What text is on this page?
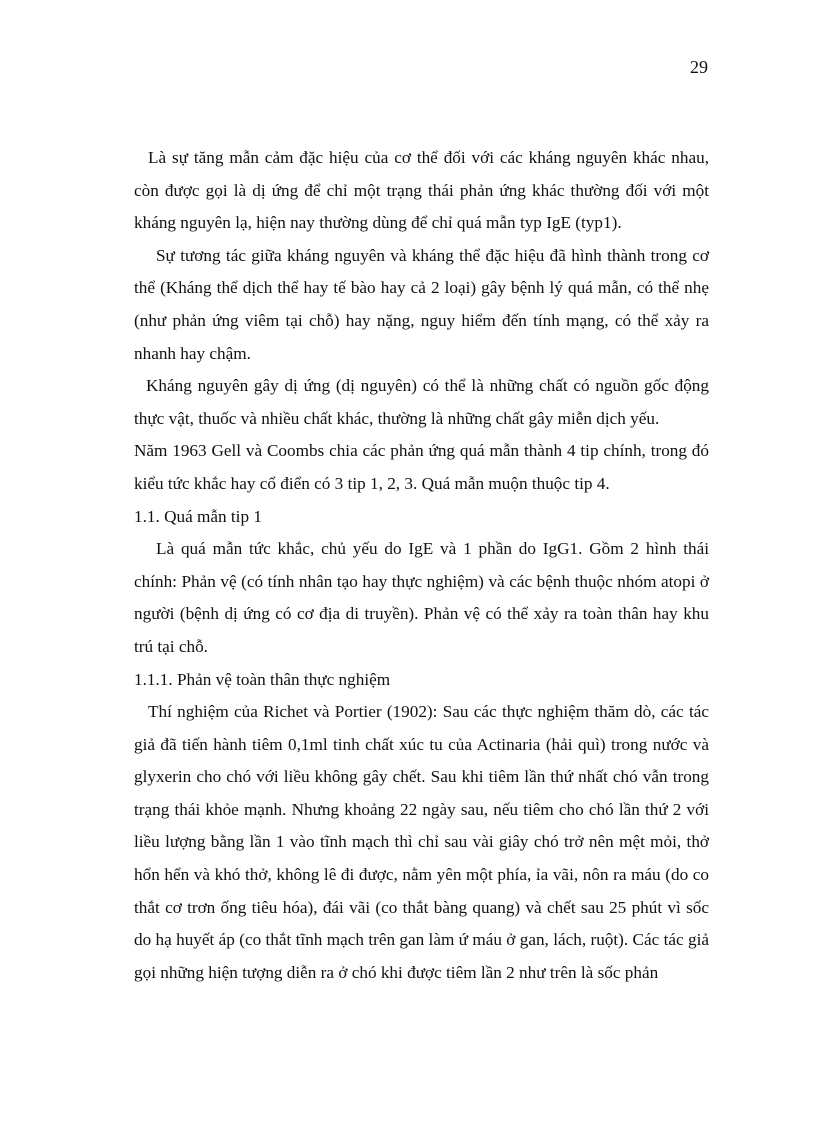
29

Là sự tăng mẫn cảm đặc hiệu của cơ thể đối với các kháng nguyên khác nhau, còn được gọi là dị ứng để chỉ một trạng thái phản ứng khác thường đối với một kháng nguyên lạ, hiện nay thường dùng để chỉ quá mẫn typ IgE (typ1).

Sự tương tác giữa kháng nguyên và kháng thể đặc hiệu đã hình thành trong cơ thể (Kháng thể dịch thể hay tế bào hay cả 2 loại) gây bệnh lý quá mẫn, có thể nhẹ (như phản ứng viêm tại chỗ) hay nặng, nguy hiểm đến tính mạng, có thể xảy ra nhanh hay chậm.

Kháng nguyên gây dị ứng (dị nguyên) có thể là những chất có nguồn gốc động thực vật, thuốc và nhiều chất khác, thường là những chất gây miễn dịch yếu.

Năm 1963 Gell và Coombs chia các phản ứng quá mẫn thành 4 tip chính, trong đó kiểu tức khắc hay cổ điển có 3 tip 1, 2, 3. Quá mẫn muộn thuộc tip 4.

1.1. Quá mẫn tip 1

Là quá mẫn tức khắc, chủ yếu do IgE và 1 phần do IgG1. Gồm 2 hình thái chính: Phản vệ (có tính nhân tạo hay thực nghiệm) và các bệnh thuộc nhóm atopi ở người (bệnh dị ứng có cơ địa di truyền). Phản vệ có thể xảy ra toàn thân hay khu trú tại chỗ.

1.1.1. Phản vệ toàn thân thực nghiệm

Thí nghiệm của Richet và Portier (1902): Sau các thực nghiệm thăm dò, các tác giả đã tiến hành tiêm 0,1ml tinh chất xúc tu của Actinaria (hải quì) trong nước và glyxerin cho chó với liều không gây chết. Sau khi tiêm lần thứ nhất chó vẫn trong trạng thái khỏe mạnh. Nhưng khoảng 22 ngày sau, nếu tiêm cho chó lần thứ 2 với liều lượng bằng lần 1 vào tĩnh mạch thì chỉ sau vài giây chó trở nên mệt mỏi, thở hổn hển và khó thở, không lê đi được, nằm yên một phía, ỉa vãi, nôn ra máu (do co thắt cơ trơn ống tiêu hóa), đái vãi (co thắt bàng quang) và chết sau 25 phút vì sốc do hạ huyết áp (co thắt tĩnh mạch trên gan làm ứ máu ở gan, lách, ruột). Các tác giả gọi những hiện tượng diễn ra ở chó khi được tiêm lần 2 như trên là sốc phản
